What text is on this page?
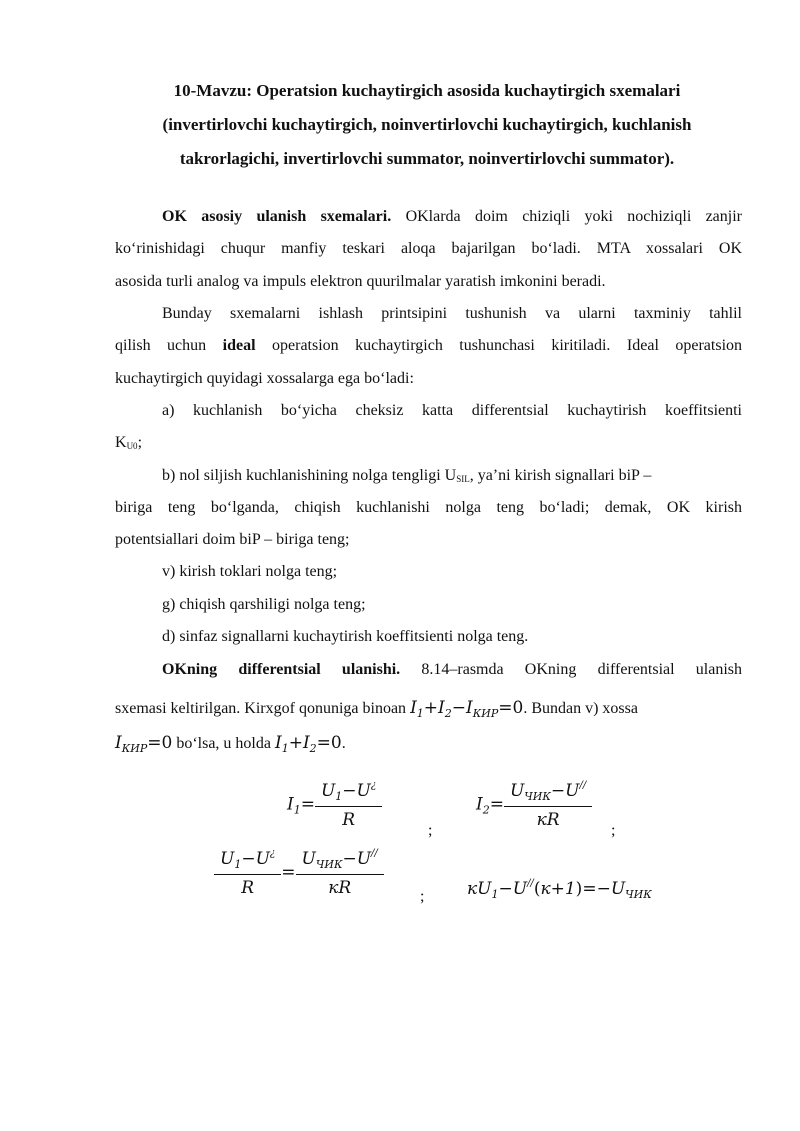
10-Mavzu: Operatsion kuchaytirgich asosida kuchaytirgich sxemalari
(invertirlovchi kuchaytirgich, noinvertirlovchi kuchaytirgich, kuchlanish
takrorlagichi, invertirlovchi summator, noinvertirlovchi summator).
OK asosiy ulanish sxemalari. OKlarda doim chiziqli yoki nochiziqli zanjir
ko‘rinishidagi chuqur manfiy teskari aloqa bajarilgan bo‘ladi. MTA xossalari OK
asosida turli analog va impuls elektron quurilmalar yaratish imkonini beradi.
Bunday sxemalarni ishlash printsipini tushunish va ularni taxminiy tahlil
qilish uchun ideal operatsion kuchaytirgich tushunchasi kiritiladi. Ideal operatsion
kuchaytirgich quyidagi xossalarga ega bo‘ladi:
a) kuchlanish bo‘yicha cheksiz katta differentsial kuchaytirish koeffitsienti
$K_{U0}$;
b) nol siljish kuchlanishining nolga tengligi $U_{SIL}$, ya’ni kirish signallari biP –
biriga teng bo‘lganda, chiqish kuchlanishi nolga teng bo‘ladi; demak, OK kirish
potentsiallari doim biP – biriga teng;
v) kirish toklari nolga teng;
g) chiqish qarshiligi nolga teng;
d) sinfaz signallarni kuchaytirish koeffitsienti nolga teng.
OKning differentsial ulanishi. 8.14–rasmda OKning differentsial ulanish
sxemasi keltirilgan. Kirxgof qonuniga binoan $I_1+I_2-I_{КИР}=0$. Bundan v) xossa
$I_{КИР}=0$ bo‘lsa, u holda $I_1+I_2=0$.
$I_1= \frac{U_1-U^¿}{R}$
;
$I_2= \frac{U_{ЧИК}-U^{//}}{кR}$
;
$\frac{U_1-U^¿}{R} = \frac{U_{ЧИК}-U^{//}}{кR}$ ;	$кU_1-U^{//}(к+1)=-U_{ЧИК}$
